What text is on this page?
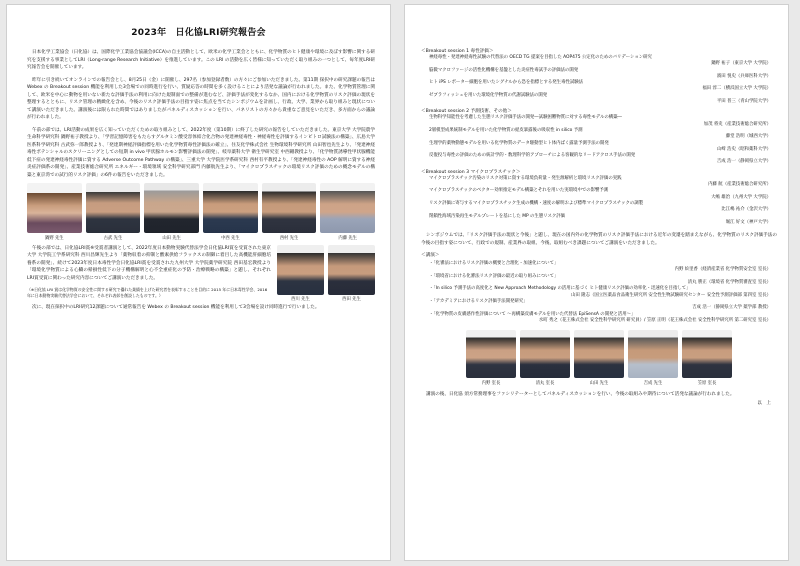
2023年　日化協LRI研究報告会

日本化学工業協会（日化協）は、国際化学工業協会協議会(ICCA)の自主活動として、欧米の化学工業会とともに、化学物質のヒト健康や環境に及ぼす影響に関する研究を支援する事業としてLRI（Long-range Research Initiative）を推進しています。この LRI の活動を広く皆様に知っていただく取り組みの一つとして、毎年度LRI研究報告会を開催しています。

昨年に引き続いてオンラインでの報告会とし、8月25日（金）に開催し、297名（参加登録者数）の方々にご参加いただきました。第11期 探択中の研究課題の報告は Webex の Breakout session 機能を利用した3会場での同時進行を行い、質疑応答の時間を多く設けることにより活発な議論が行われました。また、化学物質管理に関して、欧米を中心に動物を用いない新たな評価手法の利用に向けた規制面での整備が進むなど、評価手法が変化するなか、国内における化学物質のリスク評価の現状を整理するとともに、リスク管理の精緻化を含め、今後のリスク評価手法の目指す姿に焦点を当てたシンポジウムを計画し、行政、大学、業界から取り組みと現状について講演いただきました。講演後には限られた時間ではありましたがパネルディスカッションを行い、パネリストの方々から貴重なご意見をいただき、多方面からの議論が行われました。

午前の部では、LRI活動の成果を広く知っていただくための取り組みとして、2022年度（第10期）に終了した研究の報告をしていただきました。東京大学 大学院農学生命科学研究科 鍋野祐子教授より、「学習記憶障害をもたらすグルタミン酸受容体結合化合物の発達神経毒性・神経毒性を評価するインビトロ試験法の構築」、広島大学 医系科学研究科 古武弥一郎教授より、「発達期神経評価指標を用いた化学物質毒性評価法の確立」、住友化学株式会社 生物環境科学研究所 山田智也先生より、「発達神経毒性ポテンシャルのスクリーニングとしての短期 in vivo 甲状腺ホルモン影響評価法の開発」、岐阜薬科大学 衛生学研究室 中西剛教授より、「化学物質誘導性甲状腺機能低下症の発達神経毒性評価に資する Adverse Outcome Pathway の構築」、三重大学 大学院医学系研究科 西村有平教授より、「発達神経毒性の AOP 解明に資する神経炎症評価系の開発」、産業技術総合研究所 エネルギー・環境領域 安全科学研究部門 内藤航先生より、「マイクロプラスチックの環境リスク評価のための概念モデルの構築と東京湾での試行的リスク評価」の6件の報告をいただきました。

鍋野 先生	古武 先生	山田 先生	中西 先生	西村 先生	内藤 先生

午後の部では、日化協LRI賞※受賞者講演として、2022年度日本動物実験代替法学会日化協LRI賞を受賞された東京大学 大学院工学系研究科 西川昌輝先生より「薬物収着の抑制と酸素供給フラックスの制御に着目した高機能肝細胞培養系の開発」、続けて2023年度日本毒性学会日化協LRI賞を受賞された九州大学 大学院薬学研究院 西田基宏教授より「環境化学物質による心臓の帰損性低下の分子機構解明と心不全重症化の予防・治療戦略の構築」と題し、それぞれ LRI賞受賞に関わった研究内容についてご講演いただきました。

（※日化協 LRI 賞は化学物質の安全性に関する研究で優れた業績を上げた研究者を表彰することを目的に 2015 年に日本毒性学会、2016 年に日本動物実験代替法学会において、それぞれ表彰を創設したものです。）

西川 先生	西田 先生

次に、現在探択中のLRI研究12課題について通常報告を Webex の Breakout session 機能を利用して3会場を設け同時進行で行いました。

＜Breakout session 1 毒性評価＞
神経毒性・発達神経毒性試験の代替法の OECD TG 提案を目指した AOP475 公定化のためのバリデーション研究
鍋野 祐子（東京大学 大学院）
脳微マクロファージの活性化機構を基盤とした炎症性毒試手の評価法の開発
濱田 悦史（兵庫医科大学）
ヒト iPS レポーター細胞を用いたシグナルから恐を指標とする発生毒性試験法
福田 淳二（横浜国立大学 大学院）
ゼブラフィッシュを用いた環境化学物質の代謝試験法の開発
平田 普三（青山学院大学）
＜Breakout session 2 予測技術、その他＞
生物科学知能性を考慮した生態リスク評価手法の開発―試験困難物質に対する毒性モデルの構築―
加茂 将史（産業技術総合研究所）
2層模型成果統制モデルを用いた化学物質の経皮暴露後の吸収性 in silico 予測
藤堂 浩明（城西大学）
生理学的薬物動態モデルを用いる化学物質のデータ駆動型ヒト体内ばく露量予測手法の開発
山崎 浩史（昭和薬科大学）
反復投与毒性の評価のための統計学的・数理科学的アプローチによる客観的なリードアクロス手法の開発
吉成 浩一（静岡県立大学）
＜Breakout session 3 マイクロプラスチック＞
マイクロプラスチック汚染のリスク対策に資する環境負荷量・発生源解析と環境リスク評価の実践
内藤 航（産業技術総合研究所）
マイクロプラスチックのベクター効果推定モデル構築とそれを用いた実環境中での影響予測
大嶋 雄治（九州大学 大学院）
リスク評価に寄与するマイクロプラスチック生成の機構・速度の解明および標準マイクロプラスチックの調製
比江嶋 祐介（金沢大学）
閉鎖性海域汚染再生モデルプレートを基にした MP の生態リスク評価
堀江 好文（神戸大学）

シンポジウムでは、「リスク評価手法の現状と今後」と題し、現在の国内外の化学物質のリスク評価手法における近年の変遷を踏まえながら、化学物質のリスク評価手法の今後の目指す姿について、行政での規制、産業界の取組、今後、取組むべき課題についてご講演をいただきました。

＜講演＞
・「化審法におけるリスク評価の概要と合理化・加速化について」
内野 絵里香（経済産業省 化学物質安全室 室長）
・「環境省における化審法リスク評価の最近の取り組みについて」
清丸 勝正（環境省 化学物質審査室 室長）
・「In silico 予測手法の高度化と New Approach Methodology の活用に基づく ヒト健康リスク評価の効率化・迅速化を目指して」
山田 隆志（国立医薬品食品衛生研究所 安全性生物試験研究センター 安全性予測評価部 第四室 室長）
・「アカデミアにおけるリスク評価手法開発研究」
吉成 浩一（静岡県立大学 薬学部 教授）
・「化学物質の皮膚感作性評価について ～再構築皮膚モデルを用いた代替法 EpiSensA の開発と活用～」
水町 秀之（花王株式会社 安全性科学研究所 研究員）/ 笠原 正明（花王株式会社 安全性科学研究所 第二研究室 室長）
内野 室長	清丸 室長	山田 先生	吉成 先生	笠原 室長

講演の後、日化協 須方常務理事をファシリテーターとしてパネルディスカッションを行い、今後の取組みや期待について活発な議論が行われました。

以　上
